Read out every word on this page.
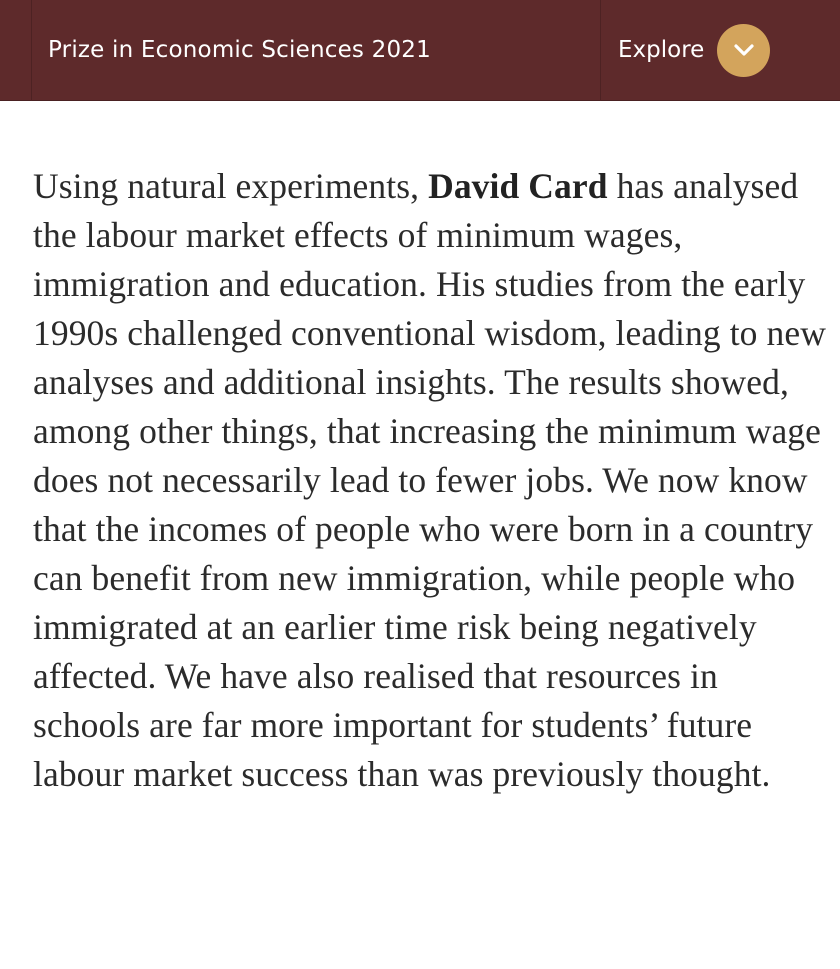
Prize in Economic Sciences 2021	Explore

Using natural experiments, David Card has analysed the labour market effects of minimum wages, immigration and education. His studies from the early 1990s challenged conventional wisdom, leading to new analyses and additional insights. The results showed, among other things, that increasing the minimum wage does not necessarily lead to fewer jobs. We now know that the incomes of people who were born in a country can benefit from new immigration, while people who immigrated at an earlier time risk being negatively affected. We have also realised that resources in schools are far more important for students’ future labour market success than was previously thought.
